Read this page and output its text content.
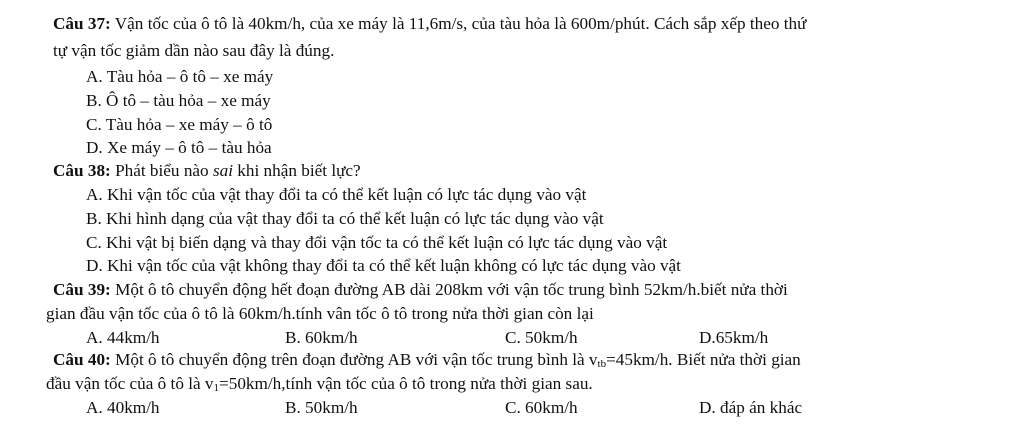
Câu 37: Vận tốc của ô tô là 40km/h, của xe máy là 11,6m/s, của tàu hỏa là 600m/phút. Cách sắp xếp theo thứ
tự vận tốc giảm dần nào sau đây là đúng.
A. Tàu hỏa – ô tô – xe máy
B. Ô tô – tàu hỏa – xe máy
C. Tàu hỏa – xe máy – ô tô
D. Xe máy – ô tô – tàu hỏa
Câu 38: Phát biểu nào sai khi nhận biết lực?
A. Khi vận tốc của vật thay đổi ta có thể kết luận có lực tác dụng vào vật
B. Khi hình dạng của vật thay đổi ta có thể kết luận có lực tác dụng vào vật
C. Khi vật bị biến dạng và thay đổi vận tốc ta có thể kết luận có lực tác dụng vào vật
D. Khi vận tốc của vật không thay đổi ta có thể kết luận không có lực tác dụng vào vật
Câu 39: Một ô tô chuyển động hết đoạn đường AB dài 208km với vận tốc trung bình 52km/h.biết nửa thời
gian đầu vận tốc của ô tô là 60km/h.tính vân tốc ô tô trong nửa thời gian còn lại
A. 44km/h	B. 60km/h	C. 50km/h	D.65km/h
Câu 40: Một ô tô chuyển động trên đoạn đường AB với vận tốc trung bình là $v_{tb}=45km/h$. Biết nửa thời gian
đầu vận tốc của ô tô là $v_1=50km/h,tính$ vận tốc của ô tô trong nửa thời gian sau.
A. 40km/h	B. 50km/h	C. 60km/h	D. đáp án khác
